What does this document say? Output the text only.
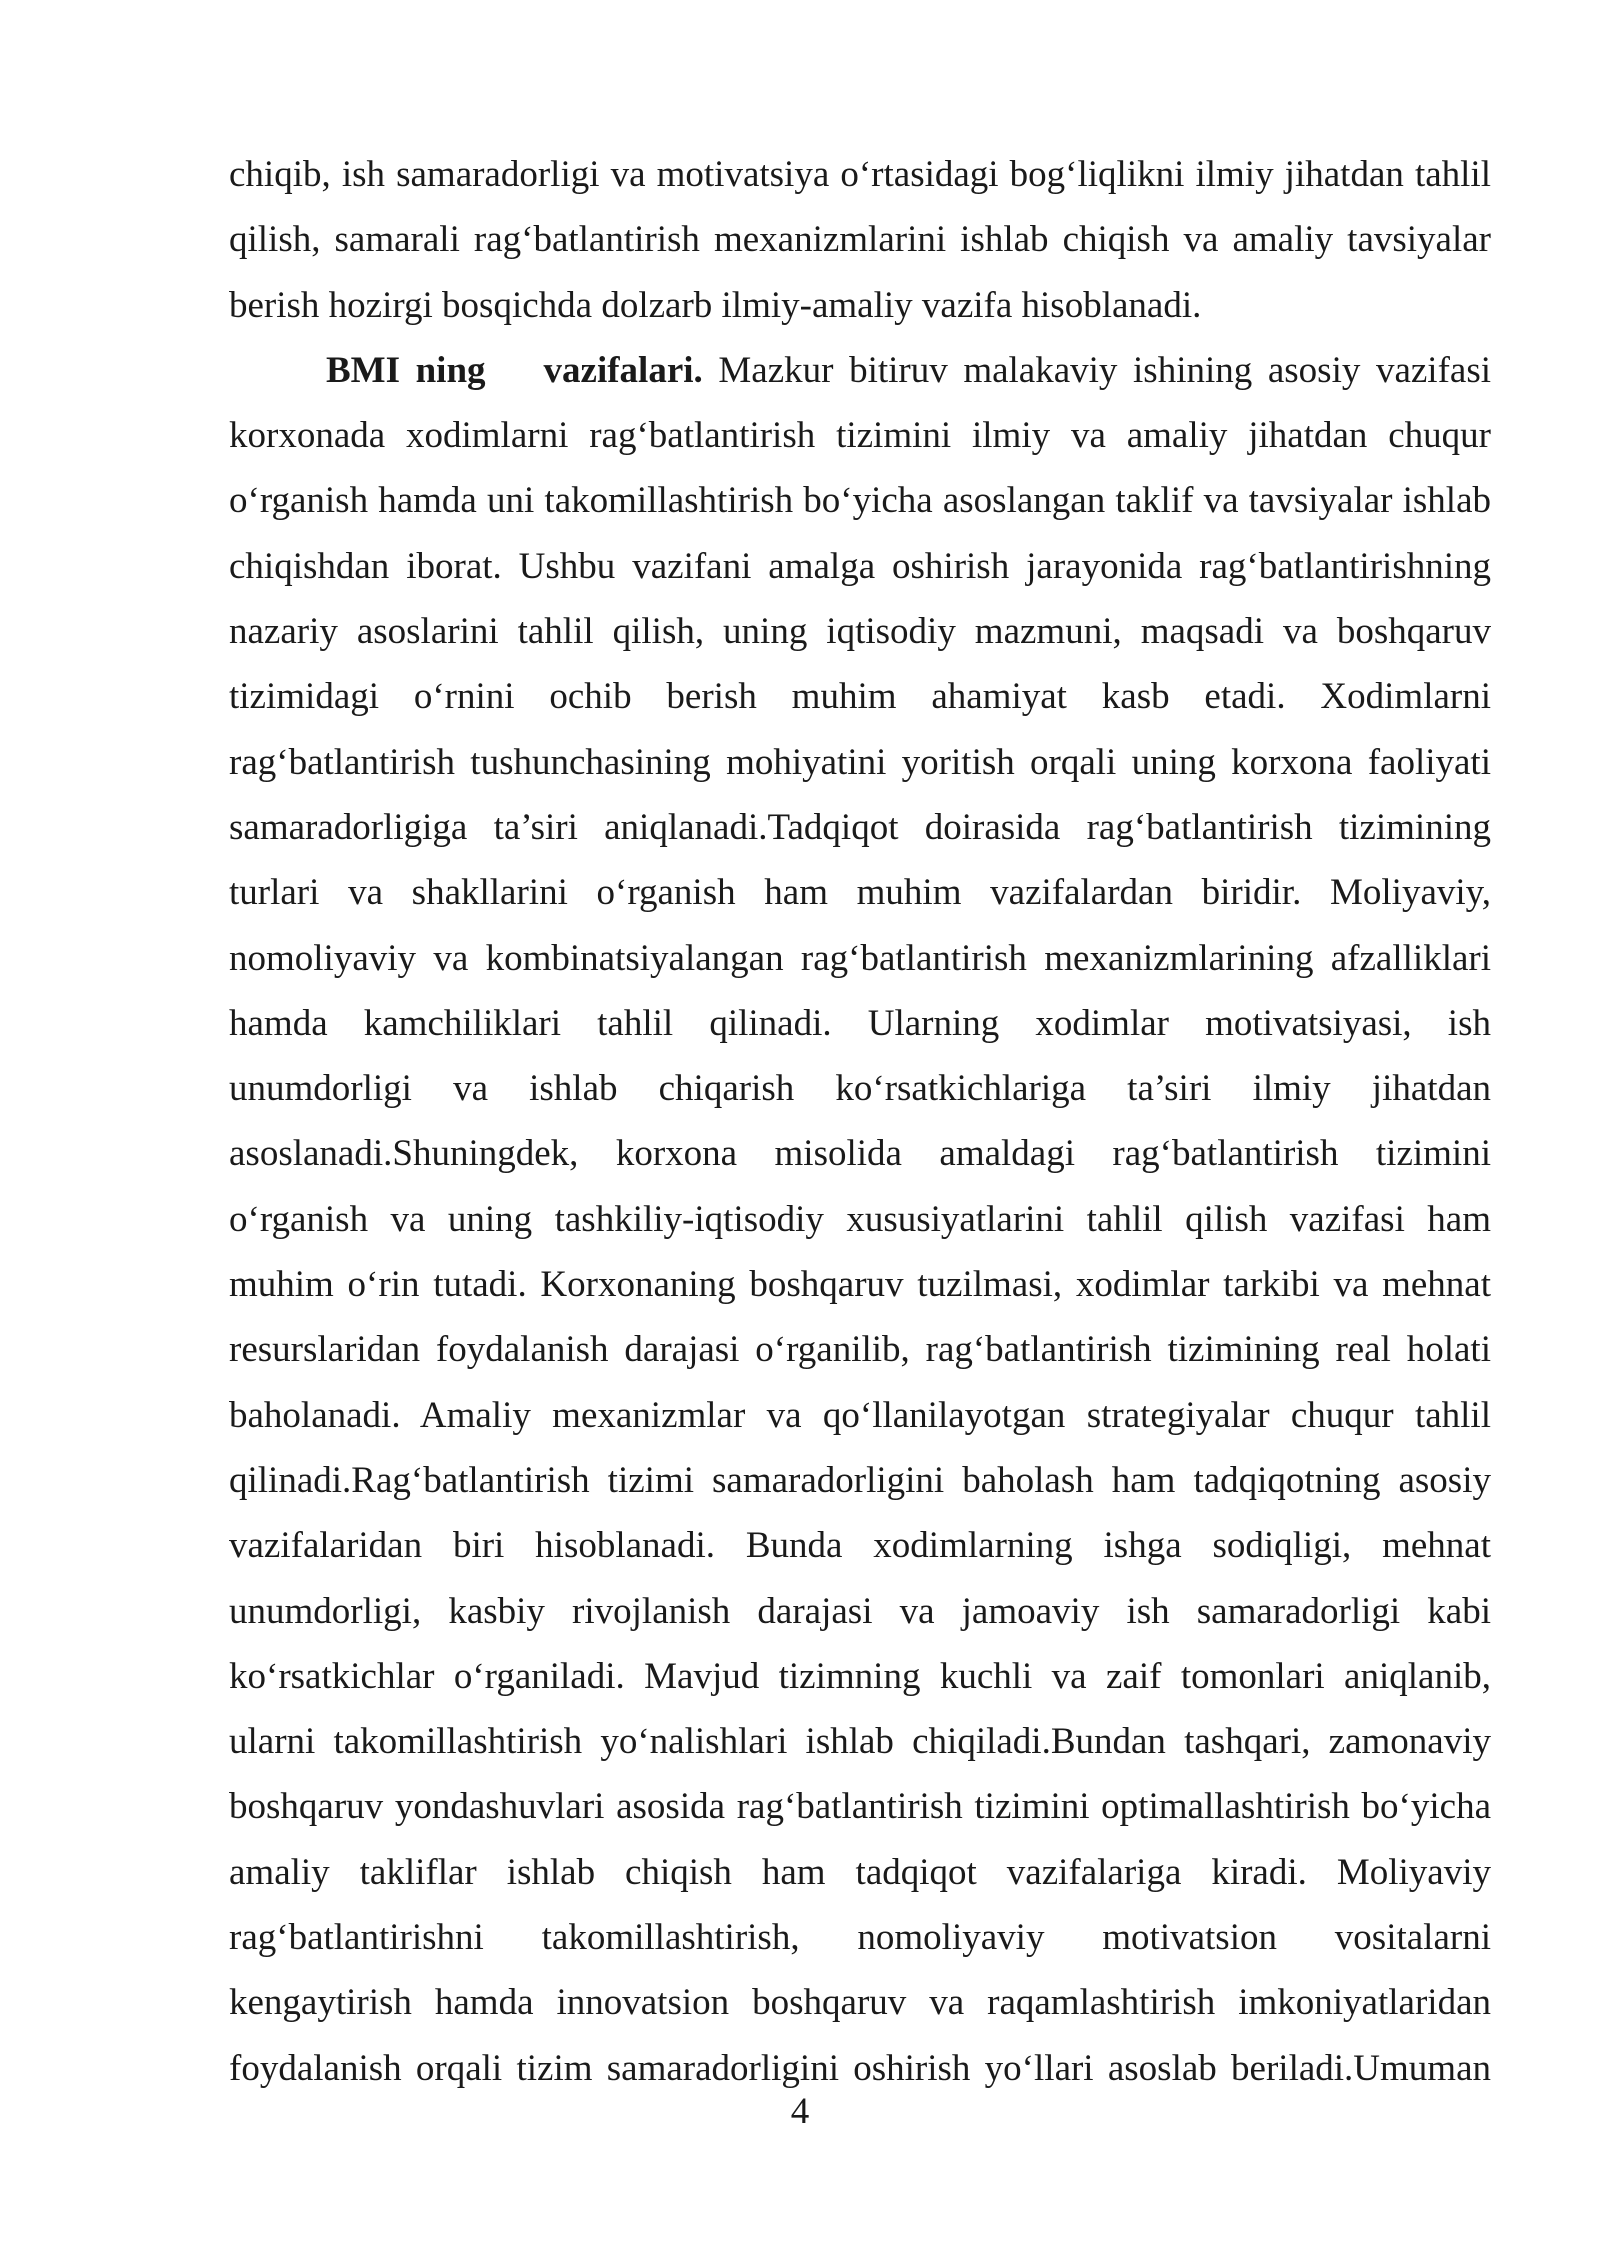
chiqib, ish samaradorligi va motivatsiya o‘rtasidagi bog‘liqlikni ilmiy jihatdan tahlil
qilish, samarali rag‘batlantirish mexanizmlarini ishlab chiqish va amaliy tavsiyalar
berish hozirgi bosqichda dolzarb ilmiy-amaliy vazifa hisoblanadi.
BMI ning vazifalari. Mazkur bitiruv malakaviy ishining asosiy vazifasi
korxonada xodimlarni rag‘batlantirish tizimini ilmiy va amaliy jihatdan chuqur
o‘rganish hamda uni takomillashtirish bo‘yicha asoslangan taklif va tavsiyalar ishlab
chiqishdan iborat. Ushbu vazifani amalga oshirish jarayonida rag‘batlantirishning
nazariy asoslarini tahlil qilish, uning iqtisodiy mazmuni, maqsadi va boshqaruv
tizimidagi o‘rnini ochib berish muhim ahamiyat kasb etadi. Xodimlarni
rag‘batlantirish tushunchasining mohiyatini yoritish orqali uning korxona faoliyati
samaradorligiga ta’siri aniqlanadi.Tadqiqot doirasida rag‘batlantirish tizimining
turlari va shakllarini o‘rganish ham muhim vazifalardan biridir. Moliyaviy,
nomoliyaviy va kombinatsiyalangan rag‘batlantirish mexanizmlarining afzalliklari
hamda kamchiliklari tahlil qilinadi. Ularning xodimlar motivatsiyasi, ish
unumdorligi va ishlab chiqarish ko‘rsatkichlariga ta’siri ilmiy jihatdan
asoslanadi.Shuningdek, korxona misolida amaldagi rag‘batlantirish tizimini
o‘rganish va uning tashkiliy-iqtisodiy xususiyatlarini tahlil qilish vazifasi ham
muhim o‘rin tutadi. Korxonaning boshqaruv tuzilmasi, xodimlar tarkibi va mehnat
resurslaridan foydalanish darajasi o‘rganilib, rag‘batlantirish tizimining real holati
baholanadi. Amaliy mexanizmlar va qo‘llanilayotgan strategiyalar chuqur tahlil
qilinadi.Rag‘batlantirish tizimi samaradorligini baholash ham tadqiqotning asosiy
vazifalaridan biri hisoblanadi. Bunda xodimlarning ishga sodiqligi, mehnat
unumdorligi, kasbiy rivojlanish darajasi va jamoaviy ish samaradorligi kabi
ko‘rsatkichlar o‘rganiladi. Mavjud tizimning kuchli va zaif tomonlari aniqlanib,
ularni takomillashtirish yo‘nalishlari ishlab chiqiladi.Bundan tashqari, zamonaviy
boshqaruv yondashuvlari asosida rag‘batlantirish tizimini optimallashtirish bo‘yicha
amaliy takliflar ishlab chiqish ham tadqiqot vazifalariga kiradi. Moliyaviy
rag‘batlantirishni takomillashtirish, nomoliyaviy motivatsion vositalarni
kengaytirish hamda innovatsion boshqaruv va raqamlashtirish imkoniyatlaridan
foydalanish orqali tizim samaradorligini oshirish yo‘llari asoslab beriladi.Umuman
4
